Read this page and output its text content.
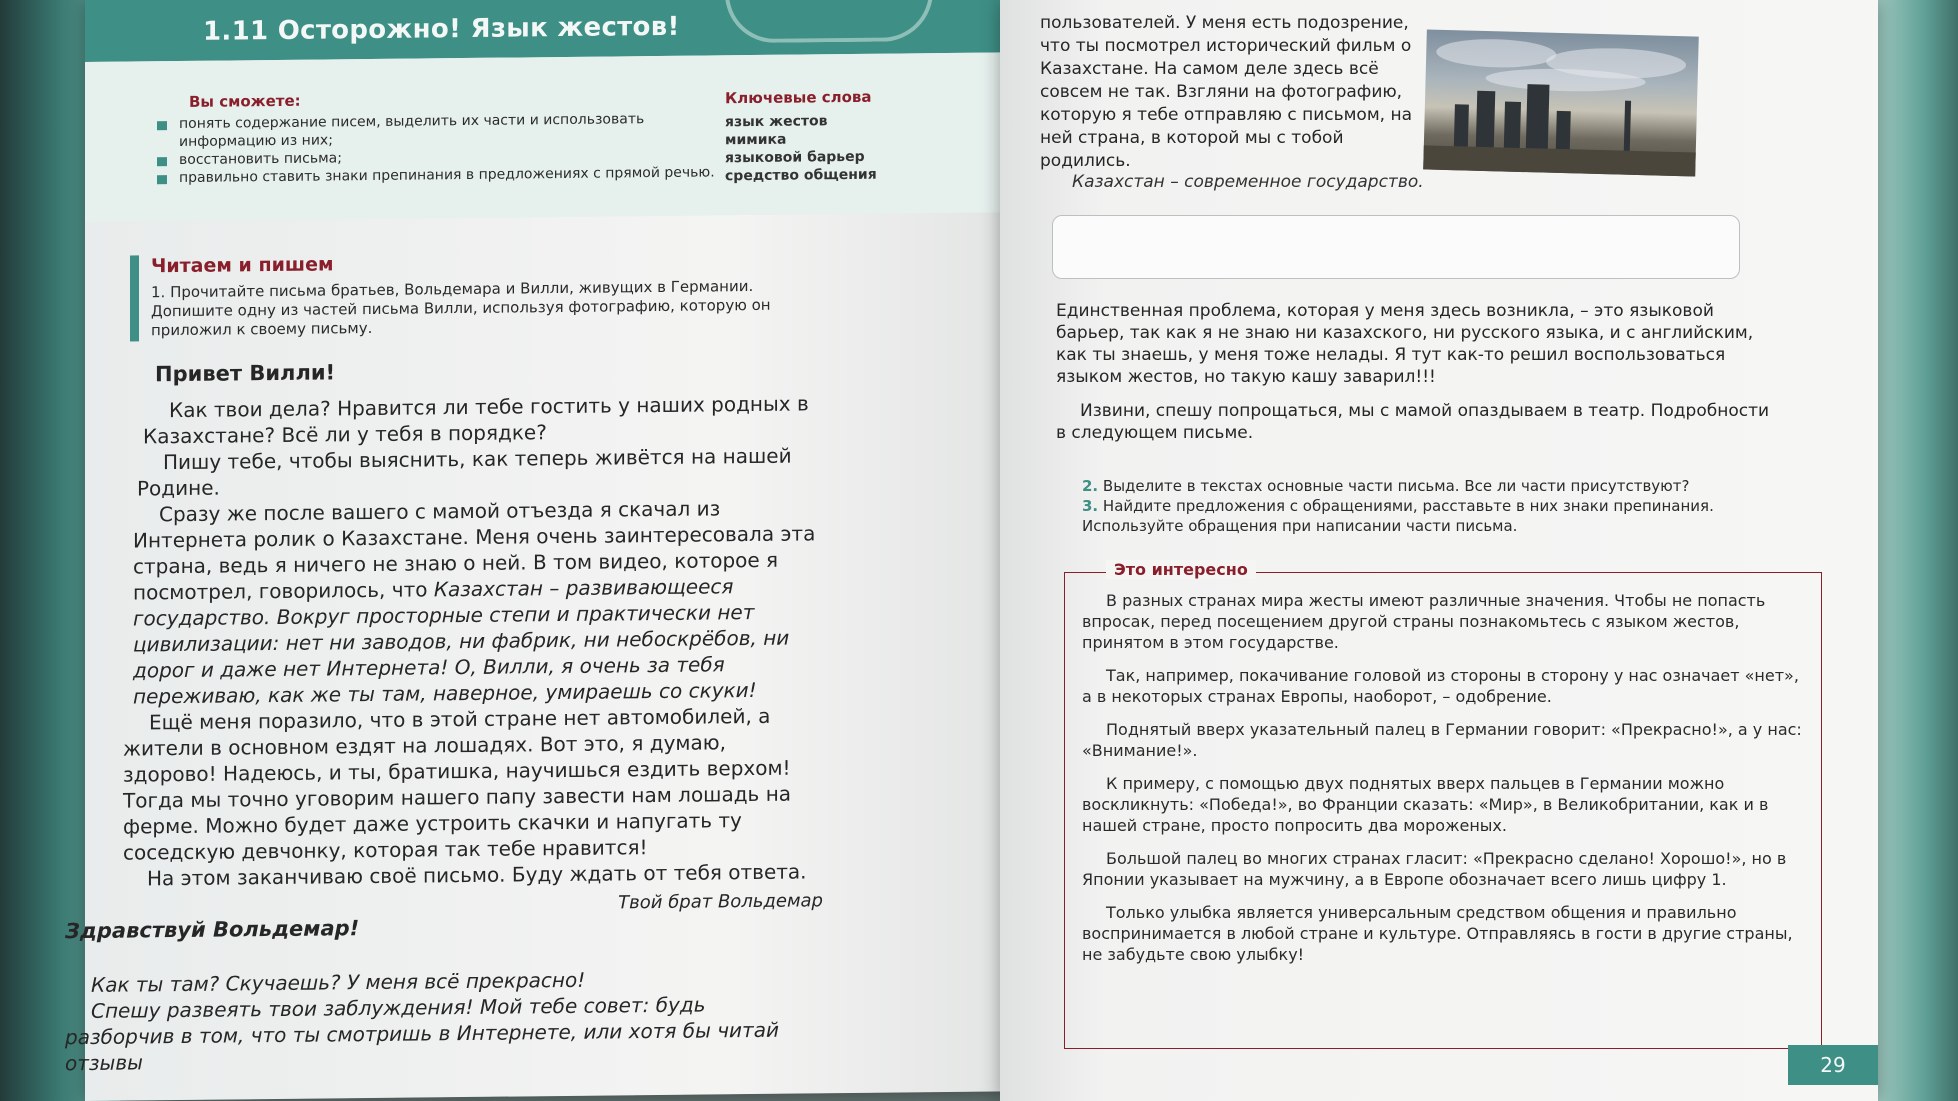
1.11 Осторожно! Язык жестов!
Вы сможете:
понять содержание писем, выделить их части и использовать информацию из них;
восстановить письма;
правильно ставить знаки препинания в предложениях с прямой речью.
Ключевые слова
язык жестов
мимика
языковой барьер
средство общения
Читаем и пишем
1. Прочитайте письма братьев, Вольдемара и Вилли, живущих в Германии. Допишите одну из частей письма Вилли, используя фотографию, которую он приложил к своему письму.
Привет Вилли!
Как твои дела? Нравится ли тебе гостить у наших родных в Казахстане? Всё ли у тебя в порядке?
Пишу тебе, чтобы выяснить, как теперь живётся на нашей Родине.
Сразу же после вашего с мамой отъезда я скачал из Интернета ролик о Казахстане. Меня очень заинтересовала эта страна, ведь я ничего не знаю о ней. В том видео, которое я посмотрел, говорилось, что Казахстан – развивающееся государство. Вокруг просторные степи и практически нет цивилизации: нет ни заводов, ни фабрик, ни небоскрёбов, ни дорог и даже нет Интернета! О, Вилли, я очень за тебя переживаю, как же ты там, наверное, умираешь со скуки!
Ещё меня поразило, что в этой стране нет автомобилей, а жители в основном ездят на лошадях. Вот это, я думаю, здорово! Надеюсь, и ты, братишка, научишься ездить верхом! Тогда мы точно уговорим нашего папу завести нам лошадь на ферме. Можно будет даже устроить скачки и напугать ту соседскую девчонку, которая так тебе нравится!
На этом заканчиваю своё письмо. Буду ждать от тебя ответа.
Твой брат Вольдемар
Здравствуй Вольдемар!
Как ты там? Скучаешь? У меня всё прекрасно!
Спешу развеять твои заблуждения! Мой тебе совет: будь разборчив в том, что ты смотришь в Интернете, или хотя бы читай отзывы
пользователей. У меня есть подозрение, что ты посмотрел исторический фильм о Казахстане. На самом деле здесь всё совсем не так. Взгляни на фотографию, которую я тебе отправляю с письмом, на ней страна, в которой мы с тобой родились.
Казахстан – современное государство.
Единственная проблема, которая у меня здесь возникла, – это языковой барьер, так как я не знаю ни казахского, ни русского языка, и с английским, как ты знаешь, у меня тоже нелады. Я тут как-то решил воспользоваться языком жестов, но такую кашу заварил!!!
Извини, спешу попрощаться, мы с мамой опаздываем в театр. Подробности в следующем письме.
2. Выделите в текстах основные части письма. Все ли части присутствуют?
3. Найдите предложения с обращениями, расставьте в них знаки препинания. Используйте обращения при написании части письма.
Это интересно

В разных странах мира жесты имеют различные значения. Чтобы не попасть впросак, перед посещением другой страны познакомьтесь с языком жестов, принятом в этом государстве.

Так, например, покачивание головой из стороны в сторону у нас означает «нет», а в некоторых странах Европы, наоборот, – одобрение.

Поднятый вверх указательный палец в Германии говорит: «Прекрасно!», а у нас: «Внимание!».

К примеру, с помощью двух поднятых вверх пальцев в Германии можно воскликнуть: «Победа!», во Франции сказать: «Мир», в Великобритании, как и в нашей стране, просто попросить два мороженых.

Большой палец во многих странах гласит: «Прекрасно сделано! Хорошо!», но в Японии указывает на мужчину, а в Европе обозначает всего лишь цифру 1.

Только улыбка является универсальным средством общения и правильно воспринимается в любой стране и культуре. Отправляясь в гости в другие страны, не забудьте свою улыбку!

29
